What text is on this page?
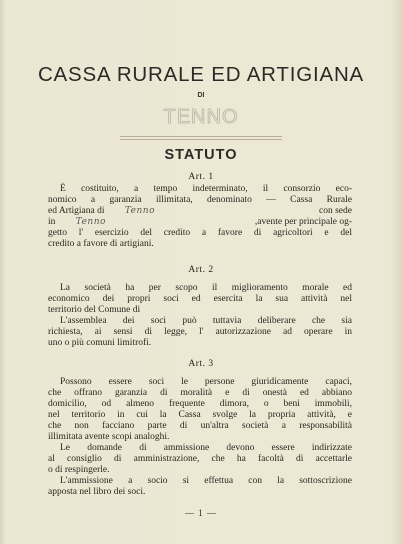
CASSA RURALE ED ARTIGIANA
DI
TENNO
STATUTO
Art. 1
È costituito, a tempo indeterminato, il consorzio eco-
nomico a garanzia illimitata, denominato — Cassa Rurale
ed Artigiana di Tenno	con sede
in Tenno	,avente per principale og-
getto l' esercizio del credito a favore di agricoltori e del
credito a favore di artigiani.
Art. 2
La società ha per scopo il miglioramento morale ed
economico dei propri soci ed esercita la sua attività nel
territorio del Comune di
L'assemblea dei soci può tuttavia deliberare che sia
richiesta, ai sensi di legge, l' autorizzazione ad operare in
uno o più comuni limitrofi.
Art. 3
Possono essere soci le persone giuridicamente capaci,
che offrano garanzia di moralità e di onestà ed abbiano
domicilio, od almeno frequente dimora, o beni immobili,
nel territorio in cui la Cassa svolge la propria attività, e
che non facciano parte di un'altra società a responsabilità
illimitata avente scopi analoghi.
Le domande di ammissione devono essere indirizzate
al consiglio di amministrazione, che ha facoltà di accettarle
o di respingerle.
L'ammissione a socio si effettua con la sottoscrizione
apposta nel libro dei soci.
— 1 —
